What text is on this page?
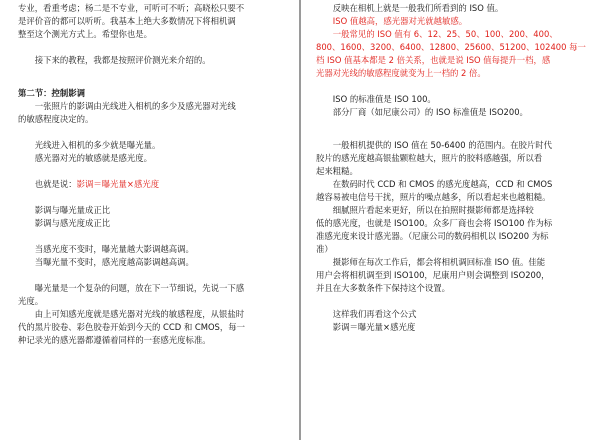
专业，看重考虑；杨二是不专业，可听可不听；高晓松只要不

是评价音的都可以听听。我基本上绝大多数情况下将相机调

整至这个测光方式上。希望你也是。

接下来的教程，我都是按照评价测光来介绍的。

第二节：控制影调

一张照片的影调由光线进入相机的多少及感光器对光线

的敏感程度决定的。

光线进入相机的多少就是曝光量。

感光器对光的敏感就是感光度。

也就是说：影调＝曝光量×感光度

影调与曝光量成正比

影调与感光度成正比

当感光度不变时，曝光量越大影调越高调。

当曝光量不变时，感光度越高影调越高调。

曝光量是一个复杂的问题，放在下一节细说，先说一下感

光度。

由上可知感光度就是感光器对光线的敏感程度，从银盐时

代的黑片胶卷、彩色胶卷开始到今天的 CCD 和 CMOS，每一

种记录光的感光器都遵循着同样的一套感光度标准。

反映在相机上就是一般我们所看到的 ISO 值。

ISO 值越高，感光器对光就越敏感。

一般常见的 ISO 值有 6、12、25、50、100、200、400、

800、1600、3200、6400、12800、25600、51200、102400 每一

档 ISO 值基本都是 2 倍关系，也就是说 ISO 值每提升一档，感

光器对光线的敏感程度就变为上一档的 2 倍。

ISO 的标准值是 ISO 100。

部分厂商（如尼康公司）的 ISO 标准值是 ISO200。

一般相机提供的 ISO 值在 50-6400 的范围内。在胶片时代

胶片的感光度越高银盐颗粒越大，照片的胶料感越强，所以看

起来粗糙。

在数码时代 CCD 和 CMOS 的感光度越高，CCD 和 CMOS

越容易被电信号干扰，照片的噪点越多，所以看起来也越粗糙。

细腻照片看起来更好，所以在拍照时摄影师都是选择较

低的感光度，也就是 ISO100。众多厂商也会将 ISO100 作为标

准感光度来设计感光器。（尼康公司的数码相机以 ISO200 为标

准）

摄影师在每次工作后，都会将相机调回标准 ISO 值。佳能

用户会将相机调至到 ISO100，尼康用户则会调整到 ISO200，

并且在大多数条件下保持这个设置。

这样我们再看这个公式

影调＝曝光量×感光度
